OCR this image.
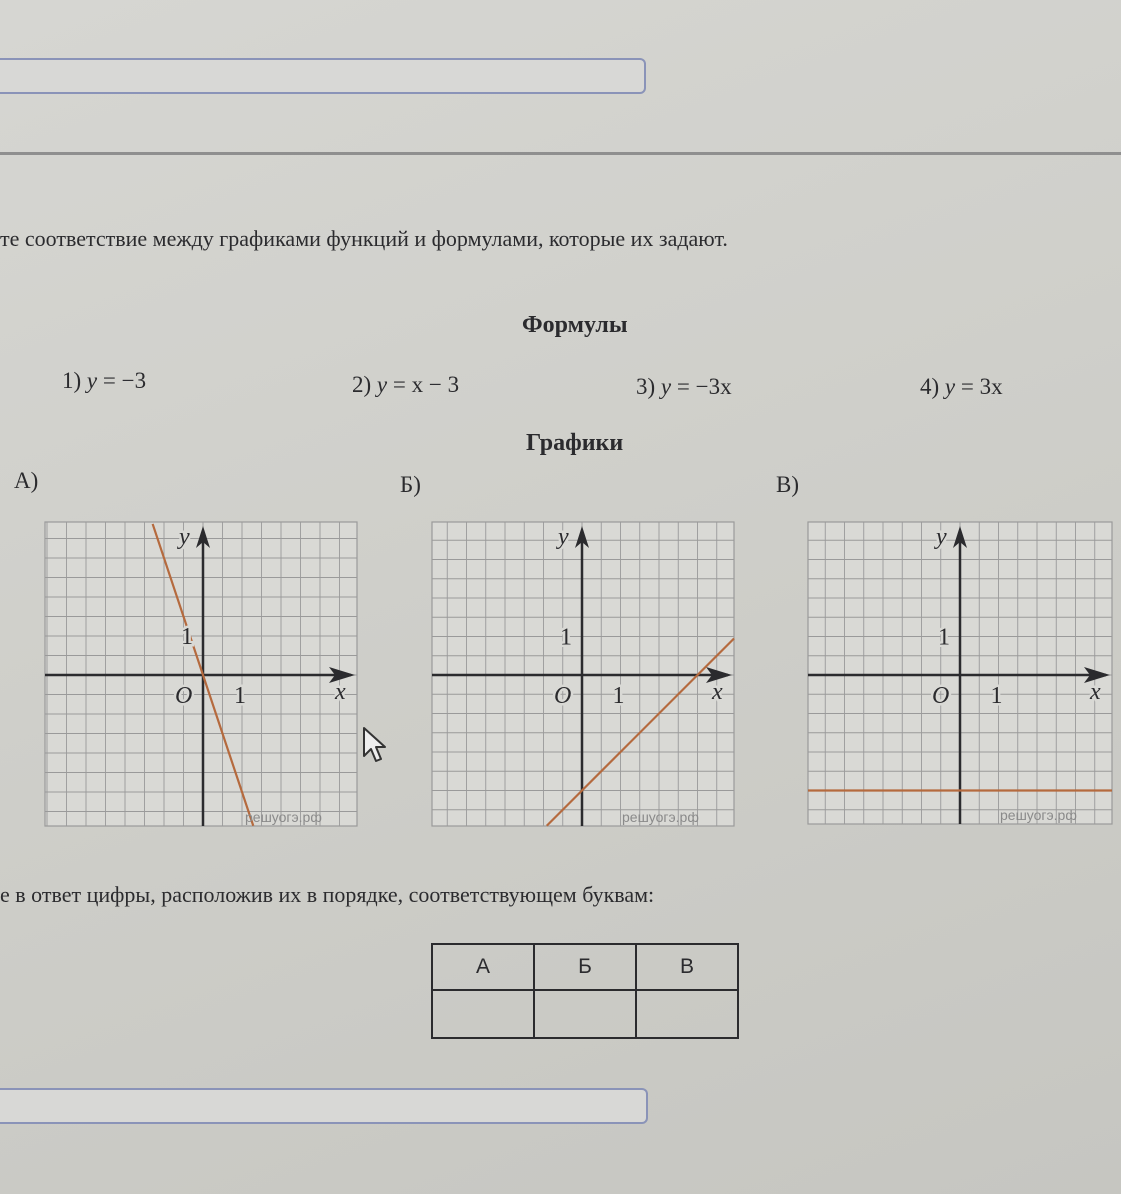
те соответствие между графиками функций и формулами, которые их задают.
Формулы
1) y = −3	2) y = x − 3	3) y = −3x	4) y = 3x
Графики
А)	Б)	В)
x
y
O 1
1
решуогэ.рф
x
y
O 1
1
решуогэ.рф
x
y
O 1
1
решуогэ.рф
е в ответ цифры, расположив их в порядке, соответствующем буквам:
А	Б	В
